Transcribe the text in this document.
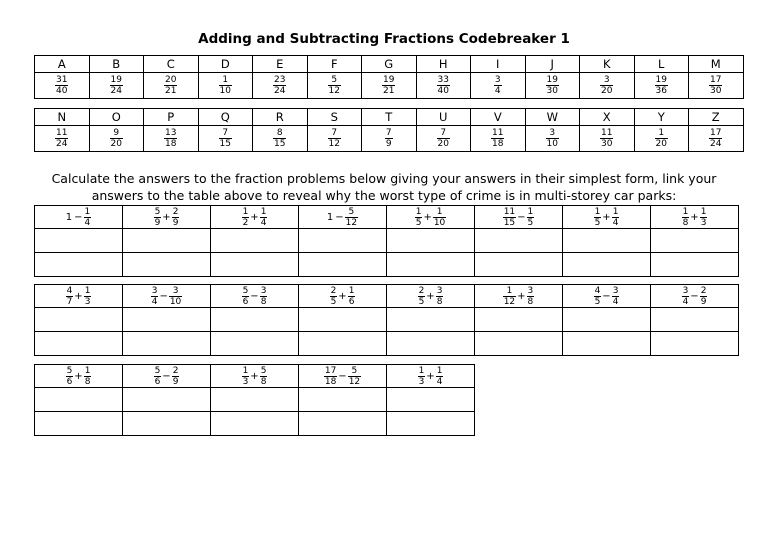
Adding and Subtracting Fractions Codebreaker 1
A	B	C	D	E	F	G	H	I	J	K	L	M

$\frac{31}{40}$	$\frac{19}{24}$	$\frac{20}{21}$	$\frac{1}{10}$	$\frac{23}{24}$	$\frac{5}{12}$	$\frac{19}{21}$	$\frac{33}{40}$	$\frac{3}{4}$	$\frac{19}{30}$	$\frac{3}{20}$	$\frac{19}{36}$	$\frac{17}{30}$
N	O	P	Q	R	S	T	U	V	W	X	Y	Z

$\frac{11}{24}$	$\frac{9}{20}$	$\frac{13}{18}$	$\frac{7}{15}$	$\frac{8}{15}$	$\frac{7}{12}$	$\frac{7}{9}$	$\frac{7}{20}$	$\frac{11}{18}$	$\frac{3}{10}$	$\frac{11}{30}$	$\frac{1}{20}$	$\frac{17}{24}$
Calculate the answers to the fraction problems below giving your answers in their simplest form, link your answers to the table above to reveal why the worst type of crime is in multi-storey car parks:
$1 - \frac{1}{4}$	$\frac{5}{9} + \frac{2}{9}$	$\frac{1}{2} + \frac{1}{4}$	$1 - \frac{5}{12}$	$\frac{1}{5} + \frac{1}{10}$	$\frac{11}{15} - \frac{1}{5}$	$\frac{1}{5} + \frac{1}{4}$	$\frac{1}{8} + \frac{1}{3}$

$\frac{4}{7} + \frac{1}{3}$	$\frac{3}{4} - \frac{3}{10}$	$\frac{5}{6} - \frac{3}{8}$	$\frac{2}{5} + \frac{1}{6}$	$\frac{2}{5} + \frac{3}{8}$	$\frac{1}{12} + \frac{3}{8}$	$\frac{4}{5} - \frac{3}{4}$	$\frac{3}{4} - \frac{2}{9}$

$\frac{5}{6} + \frac{1}{8}$	$\frac{5}{6} - \frac{2}{9}$	$\frac{1}{3} + \frac{5}{8}$	$\frac{17}{18} - \frac{5}{12}$	$\frac{1}{3} + \frac{1}{4}$
